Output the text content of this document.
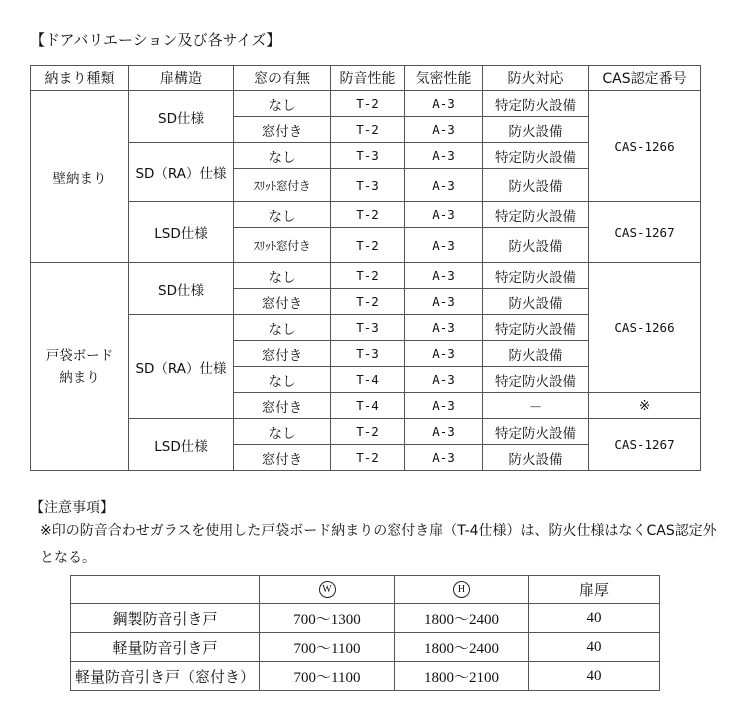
【ドアバリエーション及び各サイズ】
納まり種類	扉構造	窓の有無	防音性能	気密性能	防火対応	CAS認定番号
壁納まり	SD仕様	なし	T-2	A-3	特定防火設備	CAS-1266
		窓付き	T-2	A-3	防火設備	
	SD（RA）仕様	なし	T-3	A-3	特定防火設備	
		ｽﾘｯﾄ窓付き	T-3	A-3	防火設備	
	LSD仕様	なし	T-2	A-3	特定防火設備	CAS-1267
		ｽﾘｯﾄ窓付き	T-2	A-3	防火設備	
戸袋ボード納まり	SD仕様	なし	T-2	A-3	特定防火設備	CAS-1266
		窓付き	T-2	A-3	防火設備	
	SD（RA）仕様	なし	T-3	A-3	特定防火設備	
		窓付き	T-3	A-3	防火設備	
		なし	T-4	A-3	特定防火設備	
		窓付き	T-4	A-3	－	※
	LSD仕様	なし	T-2	A-3	特定防火設備	CAS-1267
		窓付き	T-2	A-3	防火設備	
【注意事項】
※印の防音合わせガラスを使用した戸袋ボード納まりの窓付き扉（T-4仕様）は、防火仕様はなくCAS認定外となる。
	W	H	扉厚
鋼製防音引き戸	700～1300	1800～2400	40
軽量防音引き戸	700～1100	1800～2400	40
軽量防音引き戸（窓付き）	700～1100	1800～2100	40
